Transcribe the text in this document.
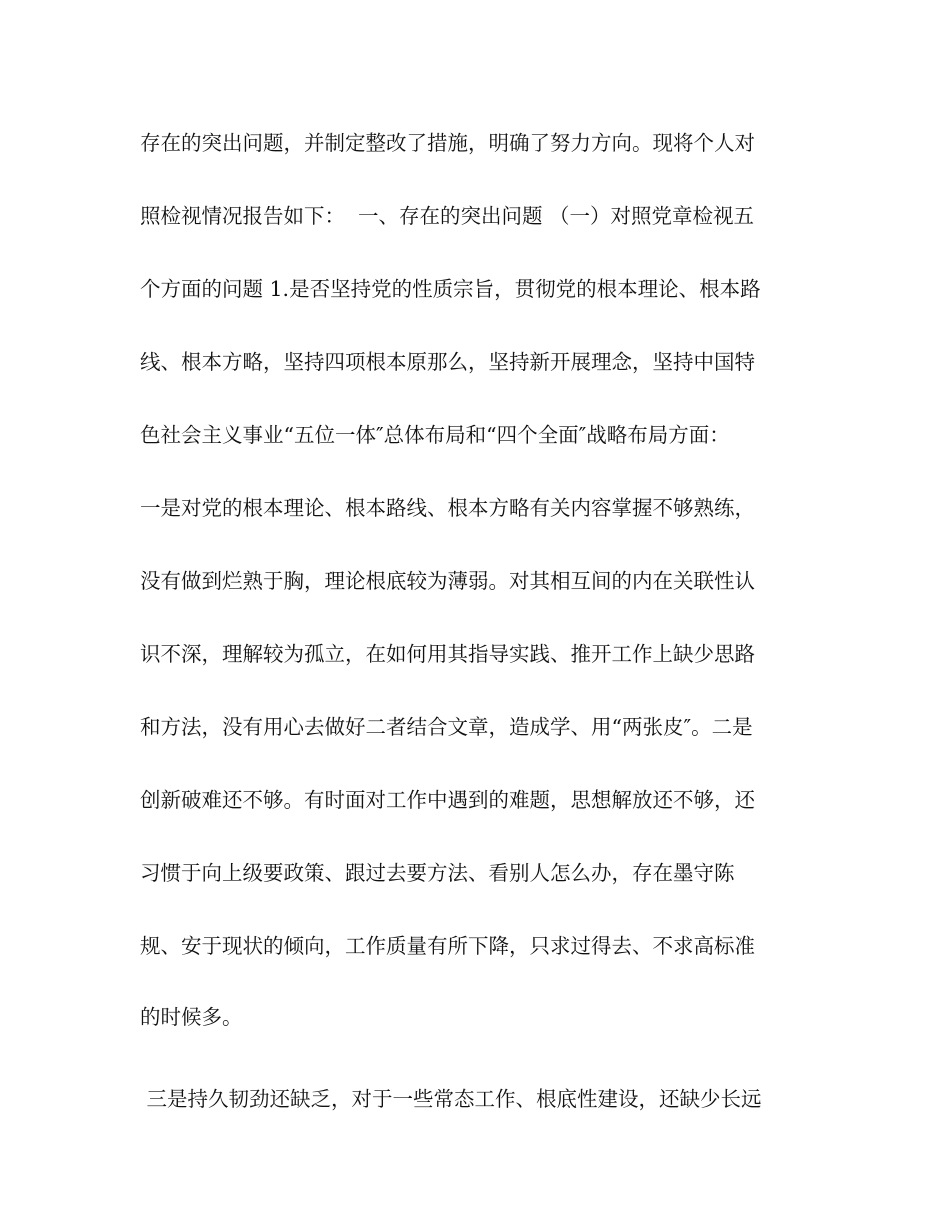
存在的突出问题，并制定整改了措施，明确了努力方向。现将个人对
照检视情况报告如下：  一、存在的突出问题 （一）对照党章检视五
个方面的问题 1.是否坚持党的性质宗旨，贯彻党的根本理论、根本路
线、根本方略，坚持四项根本原那么，坚持新开展理念，坚持中国特
色社会主义事业“五位一体″总体布局和“四个全面″战略布局方面：
一是对党的根本理论、根本路线、根本方略有关内容掌握不够熟练，
没有做到烂熟于胸，理论根底较为薄弱。对其相互间的内在关联性认
识不深，理解较为孤立，在如何用其指导实践、推开工作上缺少思路
和方法，没有用心去做好二者结合文章，造成学、用“两张皮″。二是
创新破难还不够。有时面对工作中遇到的难题，思想解放还不够，还
习惯于向上级要政策、跟过去要方法、看别人怎么办，存在墨守陈
规、安于现状的倾向，工作质量有所下降，只求过得去、不求高标准
的时候多。
三是持久韧劲还缺乏，对于一些常态工作、根底性建设，还缺少长远
